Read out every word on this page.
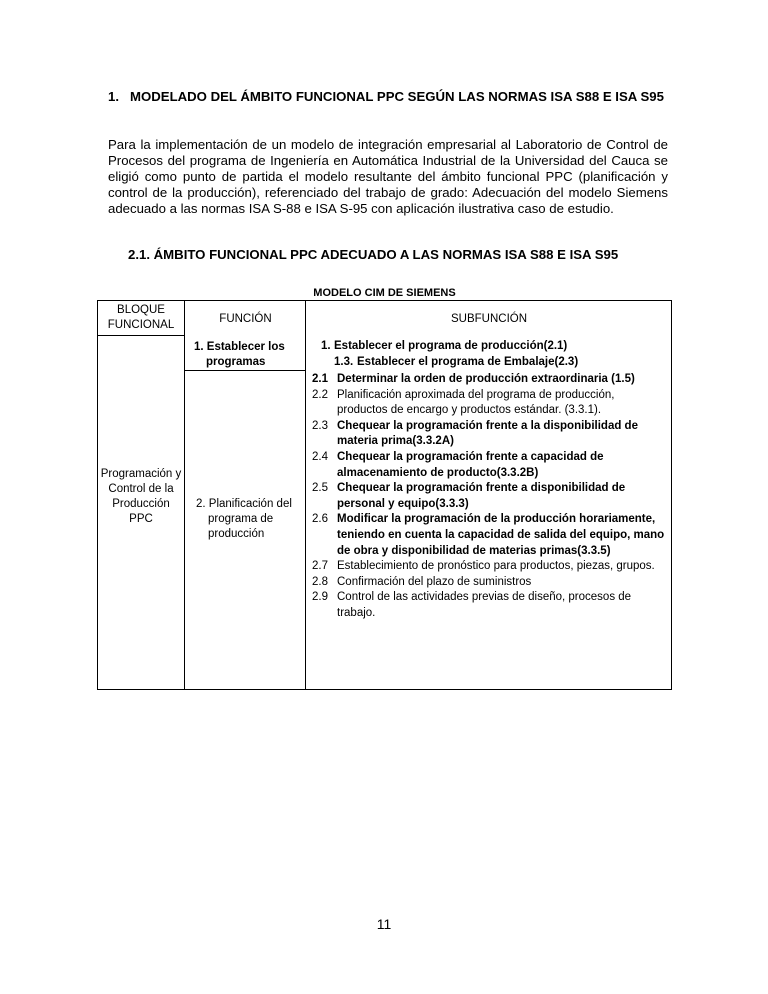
1. MODELADO DEL ÁMBITO FUNCIONAL PPC SEGÚN LAS NORMAS ISA S88 E ISA S95
Para la implementación de un modelo de integración empresarial al Laboratorio de Control de Procesos del programa de Ingeniería en Automática Industrial de la Universidad del Cauca se eligió como punto de partida el modelo resultante del ámbito funcional PPC (planificación y control de la producción), referenciado del trabajo de grado: Adecuación del modelo Siemens adecuado a las normas ISA S-88 e ISA S-95 con aplicación ilustrativa caso de estudio.
2.1. ÁMBITO FUNCIONAL PPC ADECUADO A LAS NORMAS ISA S88 E ISA S95
MODELO CIM DE SIEMENS
BLOQUE FUNCIONAL	FUNCIÓN	SUBFUNCIÓN
Programación y Control de la Producción PPC
1. Establecer los programas
2. Planificación del programa de producción
1. Establecer el programa de producción(2.1)
1.3. Establecer el programa de Embalaje(2.3)
2.1 Determinar la orden de producción extraordinaria (1.5)
2.2 Planificación aproximada del programa de producción, productos de encargo y productos estándar. (3.3.1).
2.3 Chequear la programación frente a la disponibilidad de materia prima(3.3.2A)
2.4 Chequear la programación frente a capacidad de almacenamiento de producto(3.3.2B)
2.5 Chequear la programación frente a disponibilidad de personal y equipo(3.3.3)
2.6 Modificar la programación de la producción horariamente, teniendo en cuenta la capacidad de salida del equipo, mano de obra y disponibilidad de materias primas(3.3.5)
2.7 Establecimiento de pronóstico para productos, piezas, grupos.
2.8 Confirmación del plazo de suministros
2.9 Control de las actividades previas de diseño, procesos de trabajo.
11
